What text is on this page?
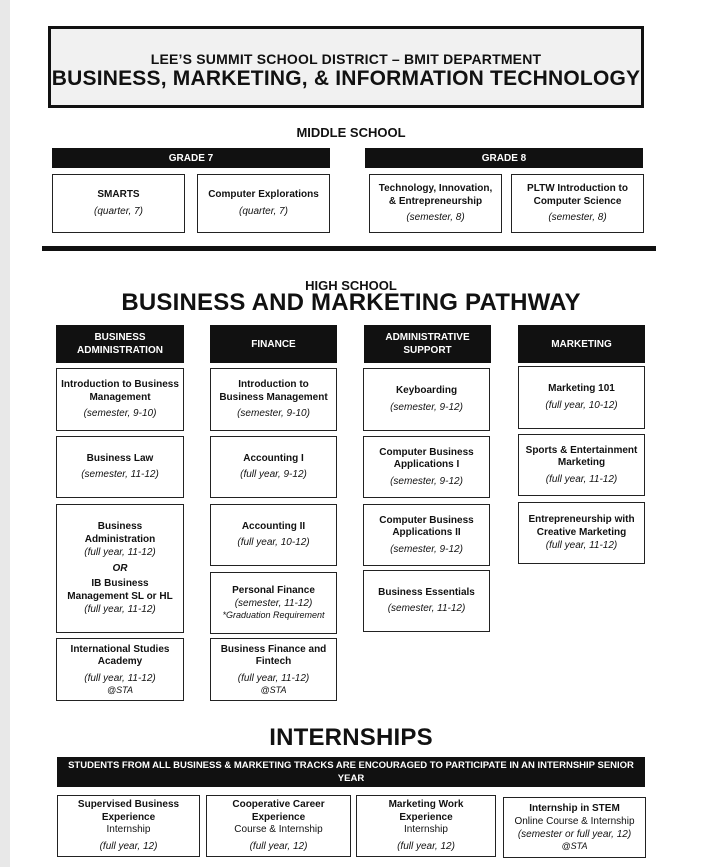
LEE’S SUMMIT SCHOOL DISTRICT – BMIT DEPARTMENT
BUSINESS, MARKETING, & INFORMATION TECHNOLOGY
MIDDLE SCHOOL
GRADE 7	GRADE 8
SMARTS
(quarter, 7)
Computer Explorations
(quarter, 7)
Technology, Innovation, & Entrepreneurship
(semester, 8)
PLTW Introduction to Computer Science
(semester, 8)
HIGH SCHOOL
BUSINESS AND MARKETING PATHWAY
BUSINESS ADMINISTRATION
FINANCE
ADMINISTRATIVE SUPPORT
MARKETING
Introduction to Business Management
(semester, 9-10)
Business Law
(semester, 11-12)
Business Administration
(full year, 11-12)
OR
IB Business Management SL or HL
(full year, 11-12)
International Studies Academy
(full year, 11-12)
@STA
Introduction to Business Management
(semester, 9-10)
Accounting I
(full year, 9-12)
Accounting II
(full year, 10-12)
Personal Finance
(semester, 11-12)
*Graduation Requirement
Business Finance and Fintech
(full year, 11-12)
@STA
Keyboarding
(semester, 9-12)
Computer Business Applications I
(semester, 9-12)
Computer Business Applications II
(semester, 9-12)
Business Essentials
(semester, 11-12)
Marketing 101
(full year, 10-12)
Sports & Entertainment Marketing
(full year, 11-12)
Entrepreneurship with Creative Marketing
(full year, 11-12)
INTERNSHIPS
STUDENTS FROM ALL BUSINESS & MARKETING TRACKS ARE ENCOURAGED TO PARTICIPATE IN AN INTERNSHIP SENIOR YEAR
Supervised Business Experience
Internship
(full year, 12)
Cooperative Career Experience
Course & Internship
(full year, 12)
Marketing Work Experience
Internship
(full year, 12)
Internship in STEM
Online Course & Internship
(semester or full year, 12)
@STA
